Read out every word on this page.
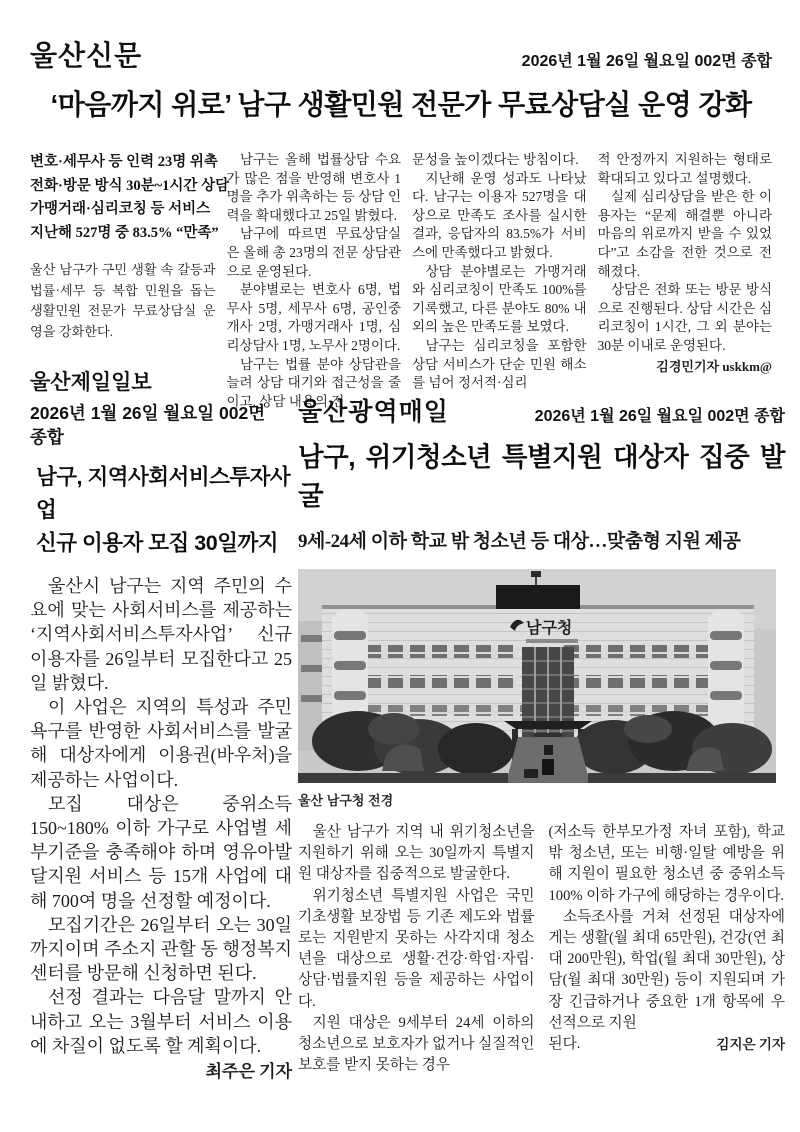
울산신문	2026년 1월 26일 월요일 002면 종합
‘마음까지 위로’ 남구 생활민원 전문가 무료상담실 운영 강화
변호·세무사 등 인력 23명 위촉
전화·방문 방식 30분~1시간 상담
가맹거래·심리코칭 등 서비스
지난해 527명 중 83.5% “만족”

울산 남구가 구민 생활 속 갈등과 법률·세무 등 복합 민원을 돕는 생활민원 전문가 무료상담실 운영을 강화한다.

남구는 올해 법률상담 수요가 많은 점을 반영해 변호사 1명을 추가 위촉하는 등 상담 인력을 확대했다고 25일 밝혔다.

남구에 따르면 무료상담실은 올해 총 23명의 전문 상담관으로 운영된다.

분야별로는 변호사 6명, 법무사 5명, 세무사 6명, 공인중개사 2명, 가맹거래사 1명, 심리상담사 1명, 노무사 2명이다.

남구는 법률 분야 상담관을 늘려 상담 대기와 접근성을 줄이고, 상담 내용의 전

문성을 높이겠다는 방침이다.

지난해 운영 성과도 나타났다. 남구는 이용자 527명을 대상으로 만족도 조사를 실시한 결과, 응답자의 83.5%가 서비스에 만족했다고 밝혔다.

상담 분야별로는 가맹거래와 심리코칭이 만족도 100%를 기록했고, 다른 분야도 80% 내외의 높은 만족도를 보였다.

남구는 심리코칭을 포함한 상담 서비스가 단순 민원 해소를 넘어 정서적·심리

적 안정까지 지원하는 형태로 확대되고 있다고 설명했다.

실제 심리상담을 받은 한 이용자는 “문제 해결뿐 아니라 마음의 위로까지 받을 수 있었다”고 소감을 전한 것으로 전해졌다.

상담은 전화 또는 방문 방식으로 진행된다. 상담 시간은 심리코칭이 1시간, 그 외 분야는 30분 이내로 운영된다.

김경민기자 uskkm@
울산제일일보
2026년 1월 26일 월요일 002면 종합
남구, 지역사회서비스투자사업
신규 이용자 모집 30일까지

울산시 남구는 지역 주민의 수요에 맞는 사회서비스를 제공하는 ‘지역사회서비스투자사업’ 신규 이용자를 26일부터 모집한다고 25일 밝혔다.

이 사업은 지역의 특성과 주민 욕구를 반영한 사회서비스를 발굴해 대상자에게 이용권(바우처)을 제공하는 사업이다.

모집 대상은 중위소득 150~180% 이하 가구로 사업별 세부기준을 충족해야 하며 영유아발달지원 서비스 등 15개 사업에 대해 700여 명을 선정할 예정이다.

모집기간은 26일부터 오는 30일까지이며 주소지 관할 동 행정복지센터를 방문해 신청하면 된다.

선정 결과는 다음달 말까지 안내하고 오는 3월부터 서비스 이용에 차질이 없도록 할 계획이다.

최주은 기자
울산광역매일	2026년 1월 26일 월요일 002면 종합
남구, 위기청소년 특별지원 대상자 집중 발굴
9세-24세 이하 학교 밖 청소년 등 대상…맞춤형 지원 제공
남구청
울산 남구청 전경

울산 남구가 지역 내 위기청소년을 지원하기 위해 오는 30일까지 특별지원 대상자를 집중적으로 발굴한다.

위기청소년 특별지원 사업은 국민기초생활 보장법 등 기존 제도와 법률로는 지원받지 못하는 사각지대 청소년을 대상으로 생활·건강·학업·자립·상담·법률지원 등을 제공하는 사업이다.

지원 대상은 9세부터 24세 이하의 청소년으로 보호자가 없거나 실질적인 보호를 받지 못하는 경우

(저소득 한부모가정 자녀 포함), 학교 밖 청소년, 또는 비행·일탈 예방을 위해 지원이 필요한 청소년 중 중위소득 100% 이하 가구에 해당하는 경우이다.

소득조사를 거쳐 선정된 대상자에게는 생활(월 최대 65만원), 건강(연 최대 200만원), 학업(월 최대 30만원), 상담(월 최대 30만원) 등이 지원되며 가장 긴급하거나 중요한 1개 항목에 우선적으로 지원

된다.	김지은 기자
